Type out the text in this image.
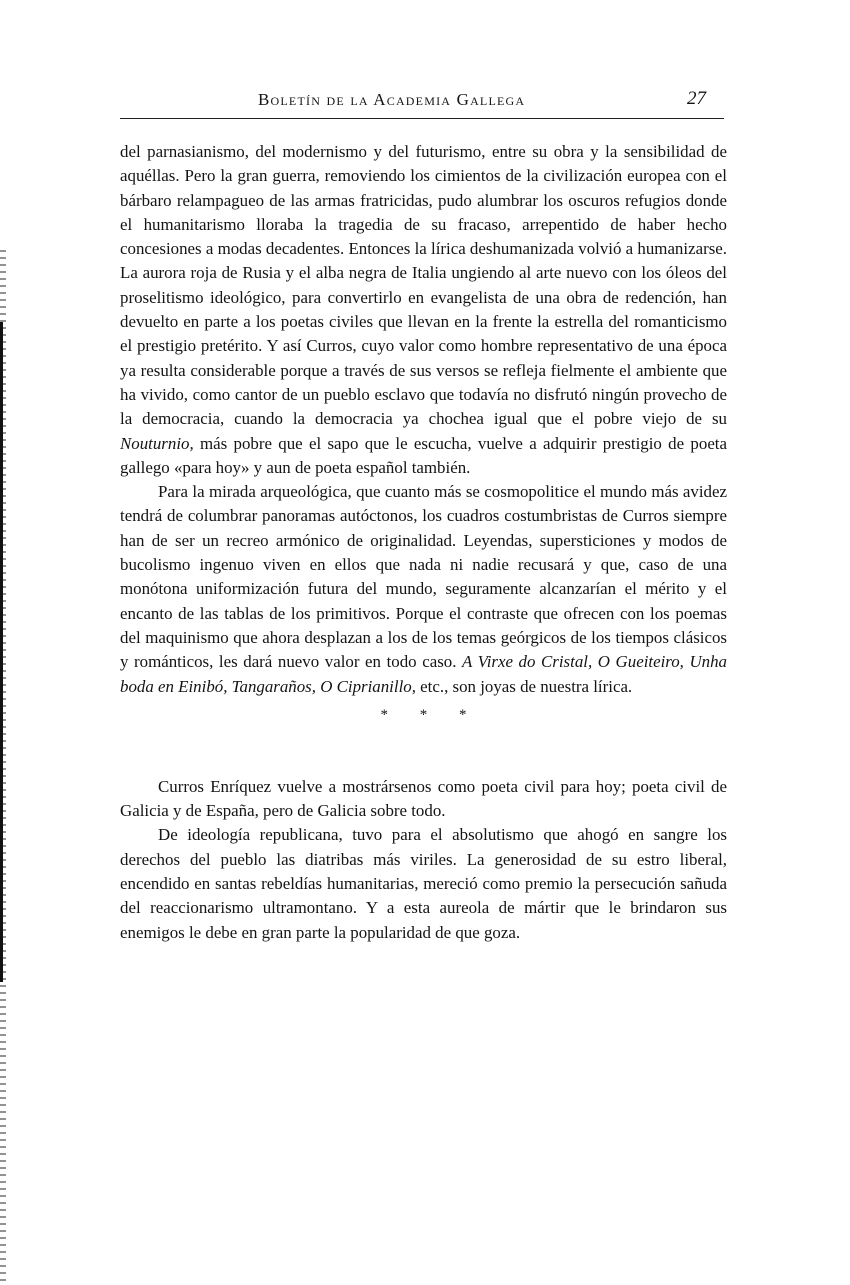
Boletín de la Academia Gallega	27

del parnasianismo, del modernismo y del futurismo, entre su obra y la sensibilidad de aquéllas. Pero la gran guerra, removiendo los cimientos de la civilización europea con el bárbaro relampagueo de las armas fratricidas, pudo alumbrar los oscuros refugios donde el humanitarismo lloraba la tragedia de su fracaso, arrepentido de haber hecho concesiones a modas decadentes. Entonces la lírica deshumanizada volvió a humanizarse. La aurora roja de Rusia y el alba negra de Italia ungiendo al arte nuevo con los óleos del proselitismo ideológico, para convertirlo en evangelista de una obra de redención, han devuelto en parte a los poetas civiles que llevan en la frente la estrella del romanticismo el prestigio pretérito. Y así Curros, cuyo valor como hombre representativo de una época ya resulta considerable porque a través de sus versos se refleja fielmente el ambiente que ha vivido, como cantor de un pueblo esclavo que todavía no disfrutó ningún provecho de la democracia, cuando la democracia ya chochea igual que el pobre viejo de su Nouturnio, más pobre que el sapo que le escucha, vuelve a adquirir prestigio de poeta gallego «para hoy» y aun de poeta español también.

Para la mirada arqueológica, que cuanto más se cosmopolitice el mundo más avidez tendrá de columbrar panoramas autóctonos, los cuadros costumbristas de Curros siempre han de ser un recreo armónico de originalidad. Leyendas, supersticiones y modos de bucolismo ingenuo viven en ellos que nada ni nadie recusará y que, caso de una monótona uniformización futura del mundo, seguramente alcanzarían el mérito y el encanto de las tablas de los primitivos. Porque el contraste que ofrecen con los poemas del maquinismo que ahora desplazan a los de los temas geórgicos de los tiempos clásicos y románticos, les dará nuevo valor en todo caso. A Virxe do Cristal, O Gueiteiro, Unha boda en Einibó, Tangaraños, O Ciprianillo, etc., son joyas de nuestra lírica.

* * *

Curros Enríquez vuelve a mostrársenos como poeta civil para hoy; poeta civil de Galicia y de España, pero de Galicia sobre todo.

De ideología republicana, tuvo para el absolutismo que ahogó en sangre los derechos del pueblo las diatribas más viriles. La generosidad de su estro liberal, encendido en santas rebeldías humanitarias, mereció como premio la persecución sañuda del reaccionarismo ultramontano. Y a esta aureola de mártir que le brindaron sus enemigos le debe en gran parte la popularidad de que goza.
